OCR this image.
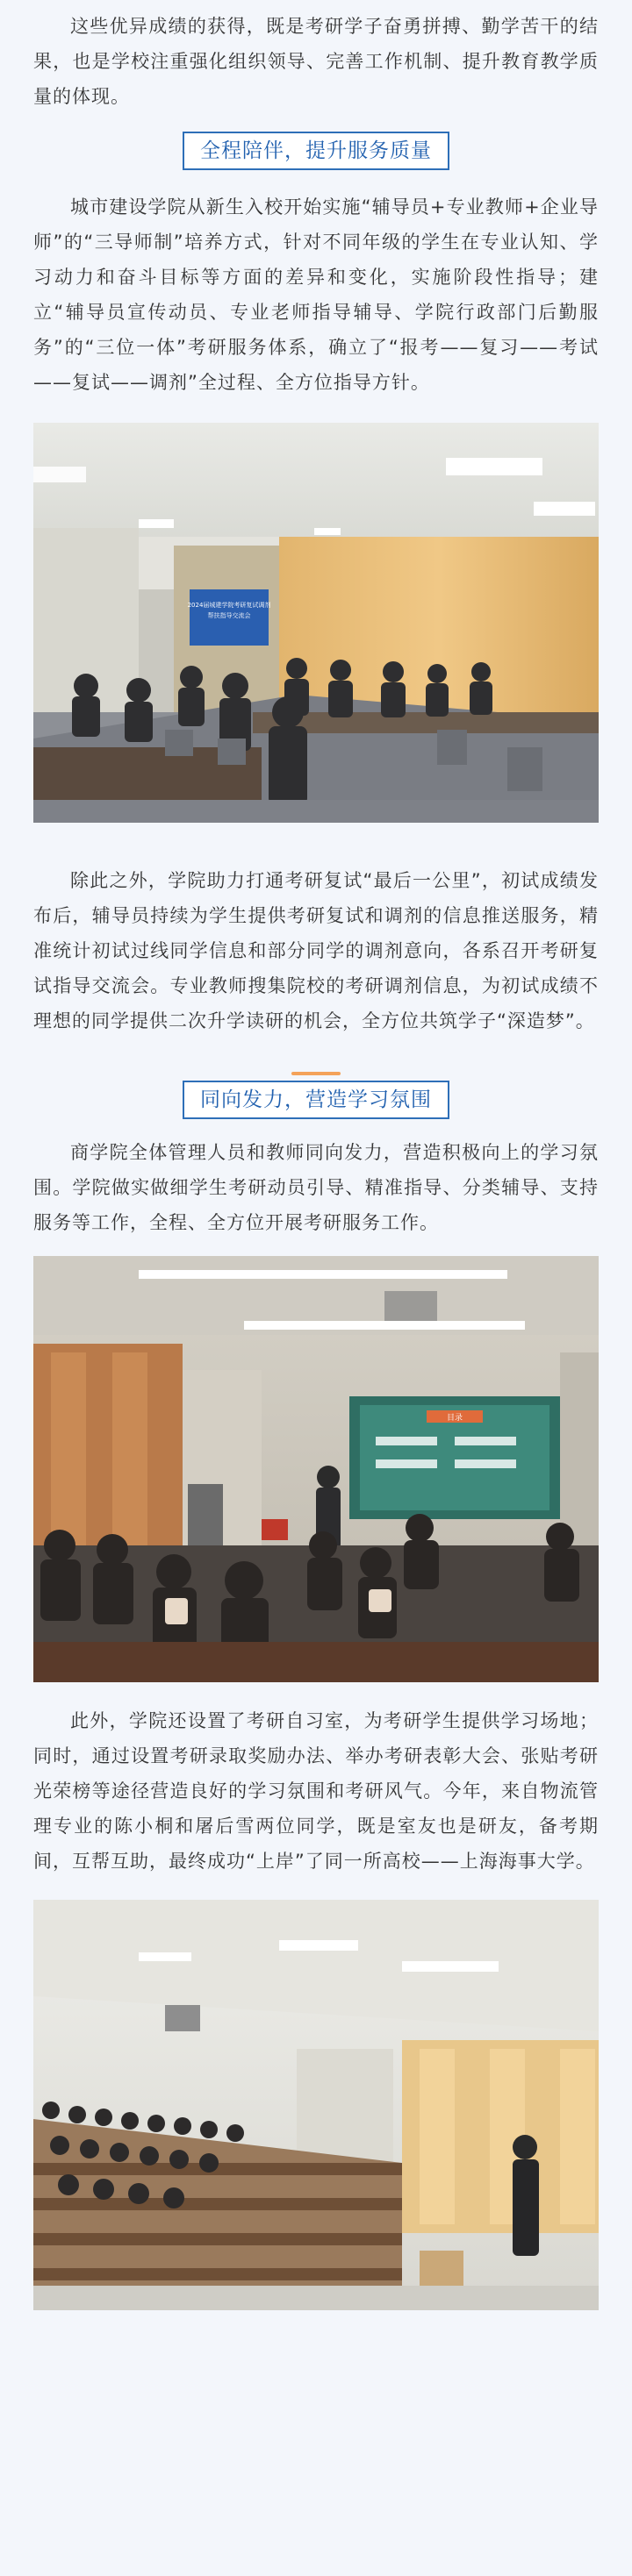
这些优异成绩的获得，既是考研学子奋勇拼搏、勤学苦干的结果，也是学校注重强化组织领导、完善工作机制、提升教育教学质量的体现。

全程陪伴，提升服务质量

城市建设学院从新生入校开始实施“辅导员+专业教师+企业导师”的“三导师制”培养方式，针对不同年级的学生在专业认知、学习动力和奋斗目标等方面的差异和变化，实施阶段性指导；建立“辅导员宣传动员、专业老师指导辅导、学院行政部门后勤服务”的“三位一体”考研服务体系，确立了“报考——复习——考试——复试——调剂”全过程、全方位指导方针。

2024届城建学院考研复试调剂
帮扶指导交流会

除此之外，学院助力打通考研复试“最后一公里”，初试成绩发布后，辅导员持续为学生提供考研复试和调剂的信息推送服务，精准统计初试过线同学信息和部分同学的调剂意向，各系召开考研复试指导交流会。专业教师搜集院校的考研调剂信息，为初试成绩不理想的同学提供二次升学读研的机会，全方位共筑学子“深造梦”。

同向发力，营造学习氛围

商学院全体管理人员和教师同向发力，营造积极向上的学习氛围。学院做实做细学生考研动员引导、精准指导、分类辅导、支持服务等工作，全程、全方位开展考研服务工作。

目录

此外，学院还设置了考研自习室，为考研学生提供学习场地；同时，通过设置考研录取奖励办法、举办考研表彰大会、张贴考研光荣榜等途径营造良好的学习氛围和考研风气。今年，来自物流管理专业的陈小桐和屠后雪两位同学，既是室友也是研友，备考期间，互帮互助，最终成功“上岸”了同一所高校——上海海事大学。
